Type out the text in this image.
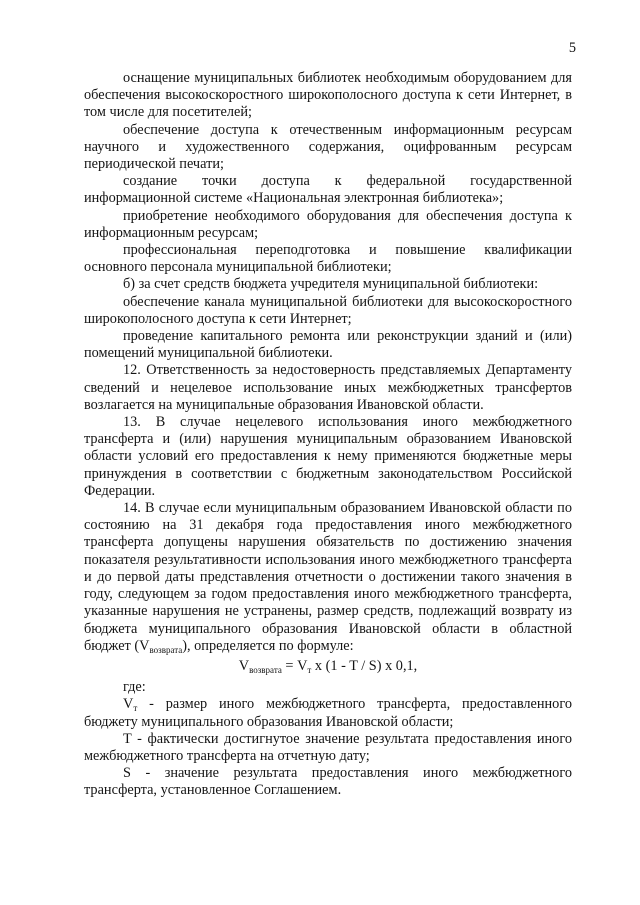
5

оснащение муниципальных библиотек необходимым оборудованием для обеспечения высокоскоростного широкополосного доступа к сети Интернет, в том числе для посетителей;

обеспечение доступа к отечественным информационным ресурсам научного и художественного содержания, оцифрованным ресурсам периодической печати;

создание точки доступа к федеральной государственной информационной системе «Национальная электронная библиотека»;

приобретение необходимого оборудования для обеспечения доступа к информационным ресурсам;

профессиональная переподготовка и повышение квалификации основного персонала муниципальной библиотеки;

б) за счет средств бюджета учредителя муниципальной библиотеки:

обеспечение канала муниципальной библиотеки для высокоскоростного широкополосного доступа к сети Интернет;

проведение капитального ремонта или реконструкции зданий и (или) помещений муниципальной библиотеки.

12. Ответственность за недостоверность представляемых Департаменту сведений и нецелевое использование иных межбюджетных трансфертов возлагается на муниципальные образования Ивановской области.

13. В случае нецелевого использования иного межбюджетного трансферта и (или) нарушения муниципальным образованием Ивановской области условий его предоставления к нему применяются бюджетные меры принуждения в соответствии с бюджетным законодательством Российской Федерации.

14. В случае если муниципальным образованием Ивановской области по состоянию на 31 декабря года предоставления иного межбюджетного трансферта допущены нарушения обязательств по достижению значения показателя результативности использования иного межбюджетного трансферта и до первой даты представления отчетности о достижении такого значения в году, следующем за годом предоставления иного межбюджетного трансферта, указанные нарушения не устранены, размер средств, подлежащий возврату из бюджета муниципального образования Ивановской области в областной бюджет $(V_{возврата})$, определяется по формуле:

$V_{возврата} = V_т$ x (1 - T / S) x 0,1,

где:

$V_т$ - размер иного межбюджетного трансферта, предоставленного бюджету муниципального образования Ивановской области;

T - фактически достигнутое значение результата предоставления иного межбюджетного трансферта на отчетную дату;

S - значение результата предоставления иного межбюджетного трансферта, установленное Соглашением.
